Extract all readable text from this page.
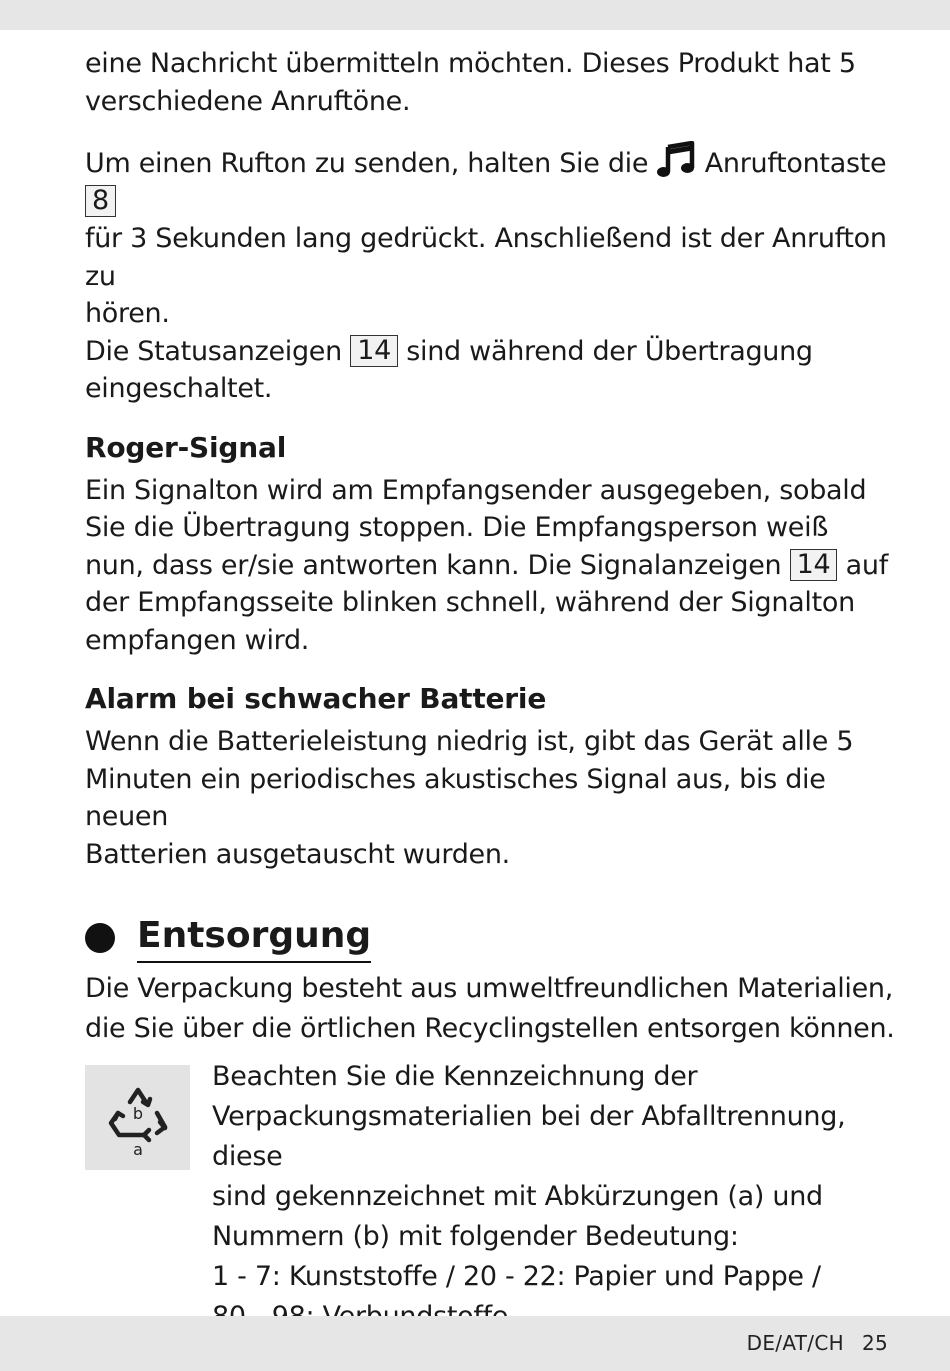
eine Nachricht übermitteln möchten. Dieses Produkt hat 5
verschiedene Anruftöne.

Um einen Rufton zu senden, halten Sie die  Anruftontaste 8
für 3 Sekunden lang gedrückt. Anschließend ist der Anrufton zu
hören.
Die Statusanzeigen 14 sind während der Übertragung
eingeschaltet.

Roger-Signal

Ein Signalton wird am Empfangsender ausgegeben, sobald
Sie die Übertragung stoppen. Die Empfangsperson weiß
nun, dass er/sie antworten kann. Die Signalanzeigen 14 auf
der Empfangsseite blinken schnell, während der Signalton
empfangen wird.

Alarm bei schwacher Batterie

Wenn die Batterieleistung niedrig ist, gibt das Gerät alle 5
Minuten ein periodisches akustisches Signal aus, bis die neuen
Batterien ausgetauscht wurden.

Entsorgung

Die Verpackung besteht aus umweltfreundlichen Materialien,
die Sie über die örtlichen Recyclingstellen entsorgen können.

b
a

Beachten Sie die Kennzeichnung der
Verpackungsmaterialien bei der Abfalltrennung, diese
sind gekennzeichnet mit Abkürzungen (a) und
Nummern (b) mit folgender Bedeutung:
1 - 7: Kunststoffe / 20 - 22: Papier und Pappe /

DE/AT/CH 25
